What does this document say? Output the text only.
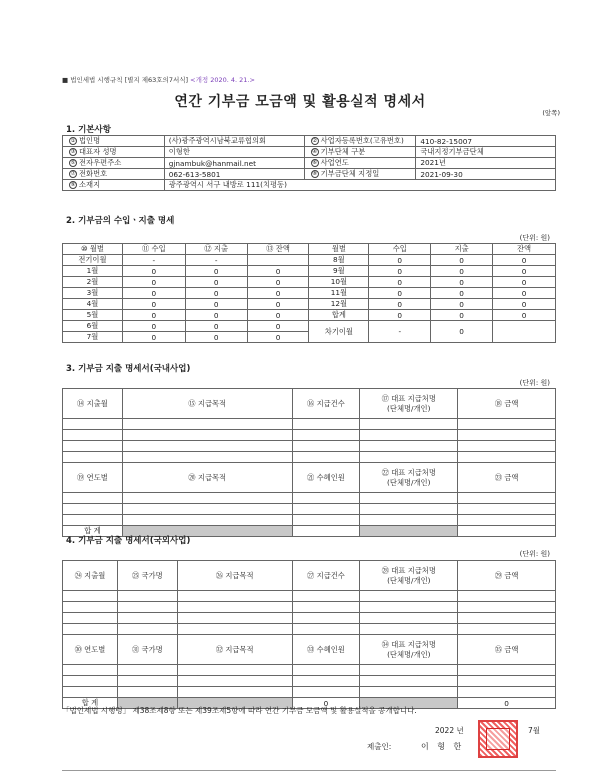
■ 법인세법 시행규칙 [별지 제63호의7서식] <개정 2020. 4. 21.>
연간 기부금 모금액 및 활용실적 명세서
(앞쪽)
1. 기본사항
① 법인명	(사)광주광역시남북교류협의회	② 사업자등록번호(고유번호)	410-82-15007
③ 대표자 성명	이형한	④ 기부단체 구분	국내지정기부금단체
⑤ 전자우편주소	gjnambuk@hanmail.net	⑥ 사업연도	2021년
⑦ 전화번호	062-613-5801	⑧ 기부금단체 지정일	2021-09-30
⑨ 소재지	광주광역시 서구 내방로 111(치평동)		
2. 기부금의 수입ㆍ지출 명세
(단위: 원)
⑩ 월별	⑪ 수입	⑫ 지출	⑬ 잔액	월별	수입	지출	잔액
전기이월	-	-		8월	0	0	0
1월	0	0	0	9월	0	0	0
2월	0	0	0	10월	0	0	0
3월	0	0	0	11월	0	0	0
4월	0	0	0	12월	0	0	0
5월	0	0	0	합계	0	0	0
6월	0	0	0	차기이월	-	0	
7월	0	0	0				
3. 기부금 지출 명세서(국내사업)
(단위: 원)
⑭ 지출월	⑮ 지급목적	⑯ 지급건수	⑰ 대표 지급처명
(단체명/개인)	⑱ 금액

⑲ 연도별	⑳ 지급목적	㉑ 수혜인원	㉒ 대표 지급처명
(단체명/개인)	㉓ 금액

합 계				
4. 기부금 지출 명세서(국외사업)
(단위: 원)
㉔ 지출월	㉕ 국가명	㉖ 지급목적	㉗ 지급건수	㉘ 대표 지급처명
(단체명/개인)	㉙ 금액

㉚ 연도별	㉛ 국가명	㉜ 지급목적	㉝ 수혜인원	㉞ 대표 지급처명
(단체명/개인)	㉟ 금액

합 계			0		0
「법인세법 시행령」 제38조제8항 또는 제39조제5항에 따라 연간 기부금 모금액 및 활용실적을 공개합니다.
2022 년	7월
제출인:	이 형 한
